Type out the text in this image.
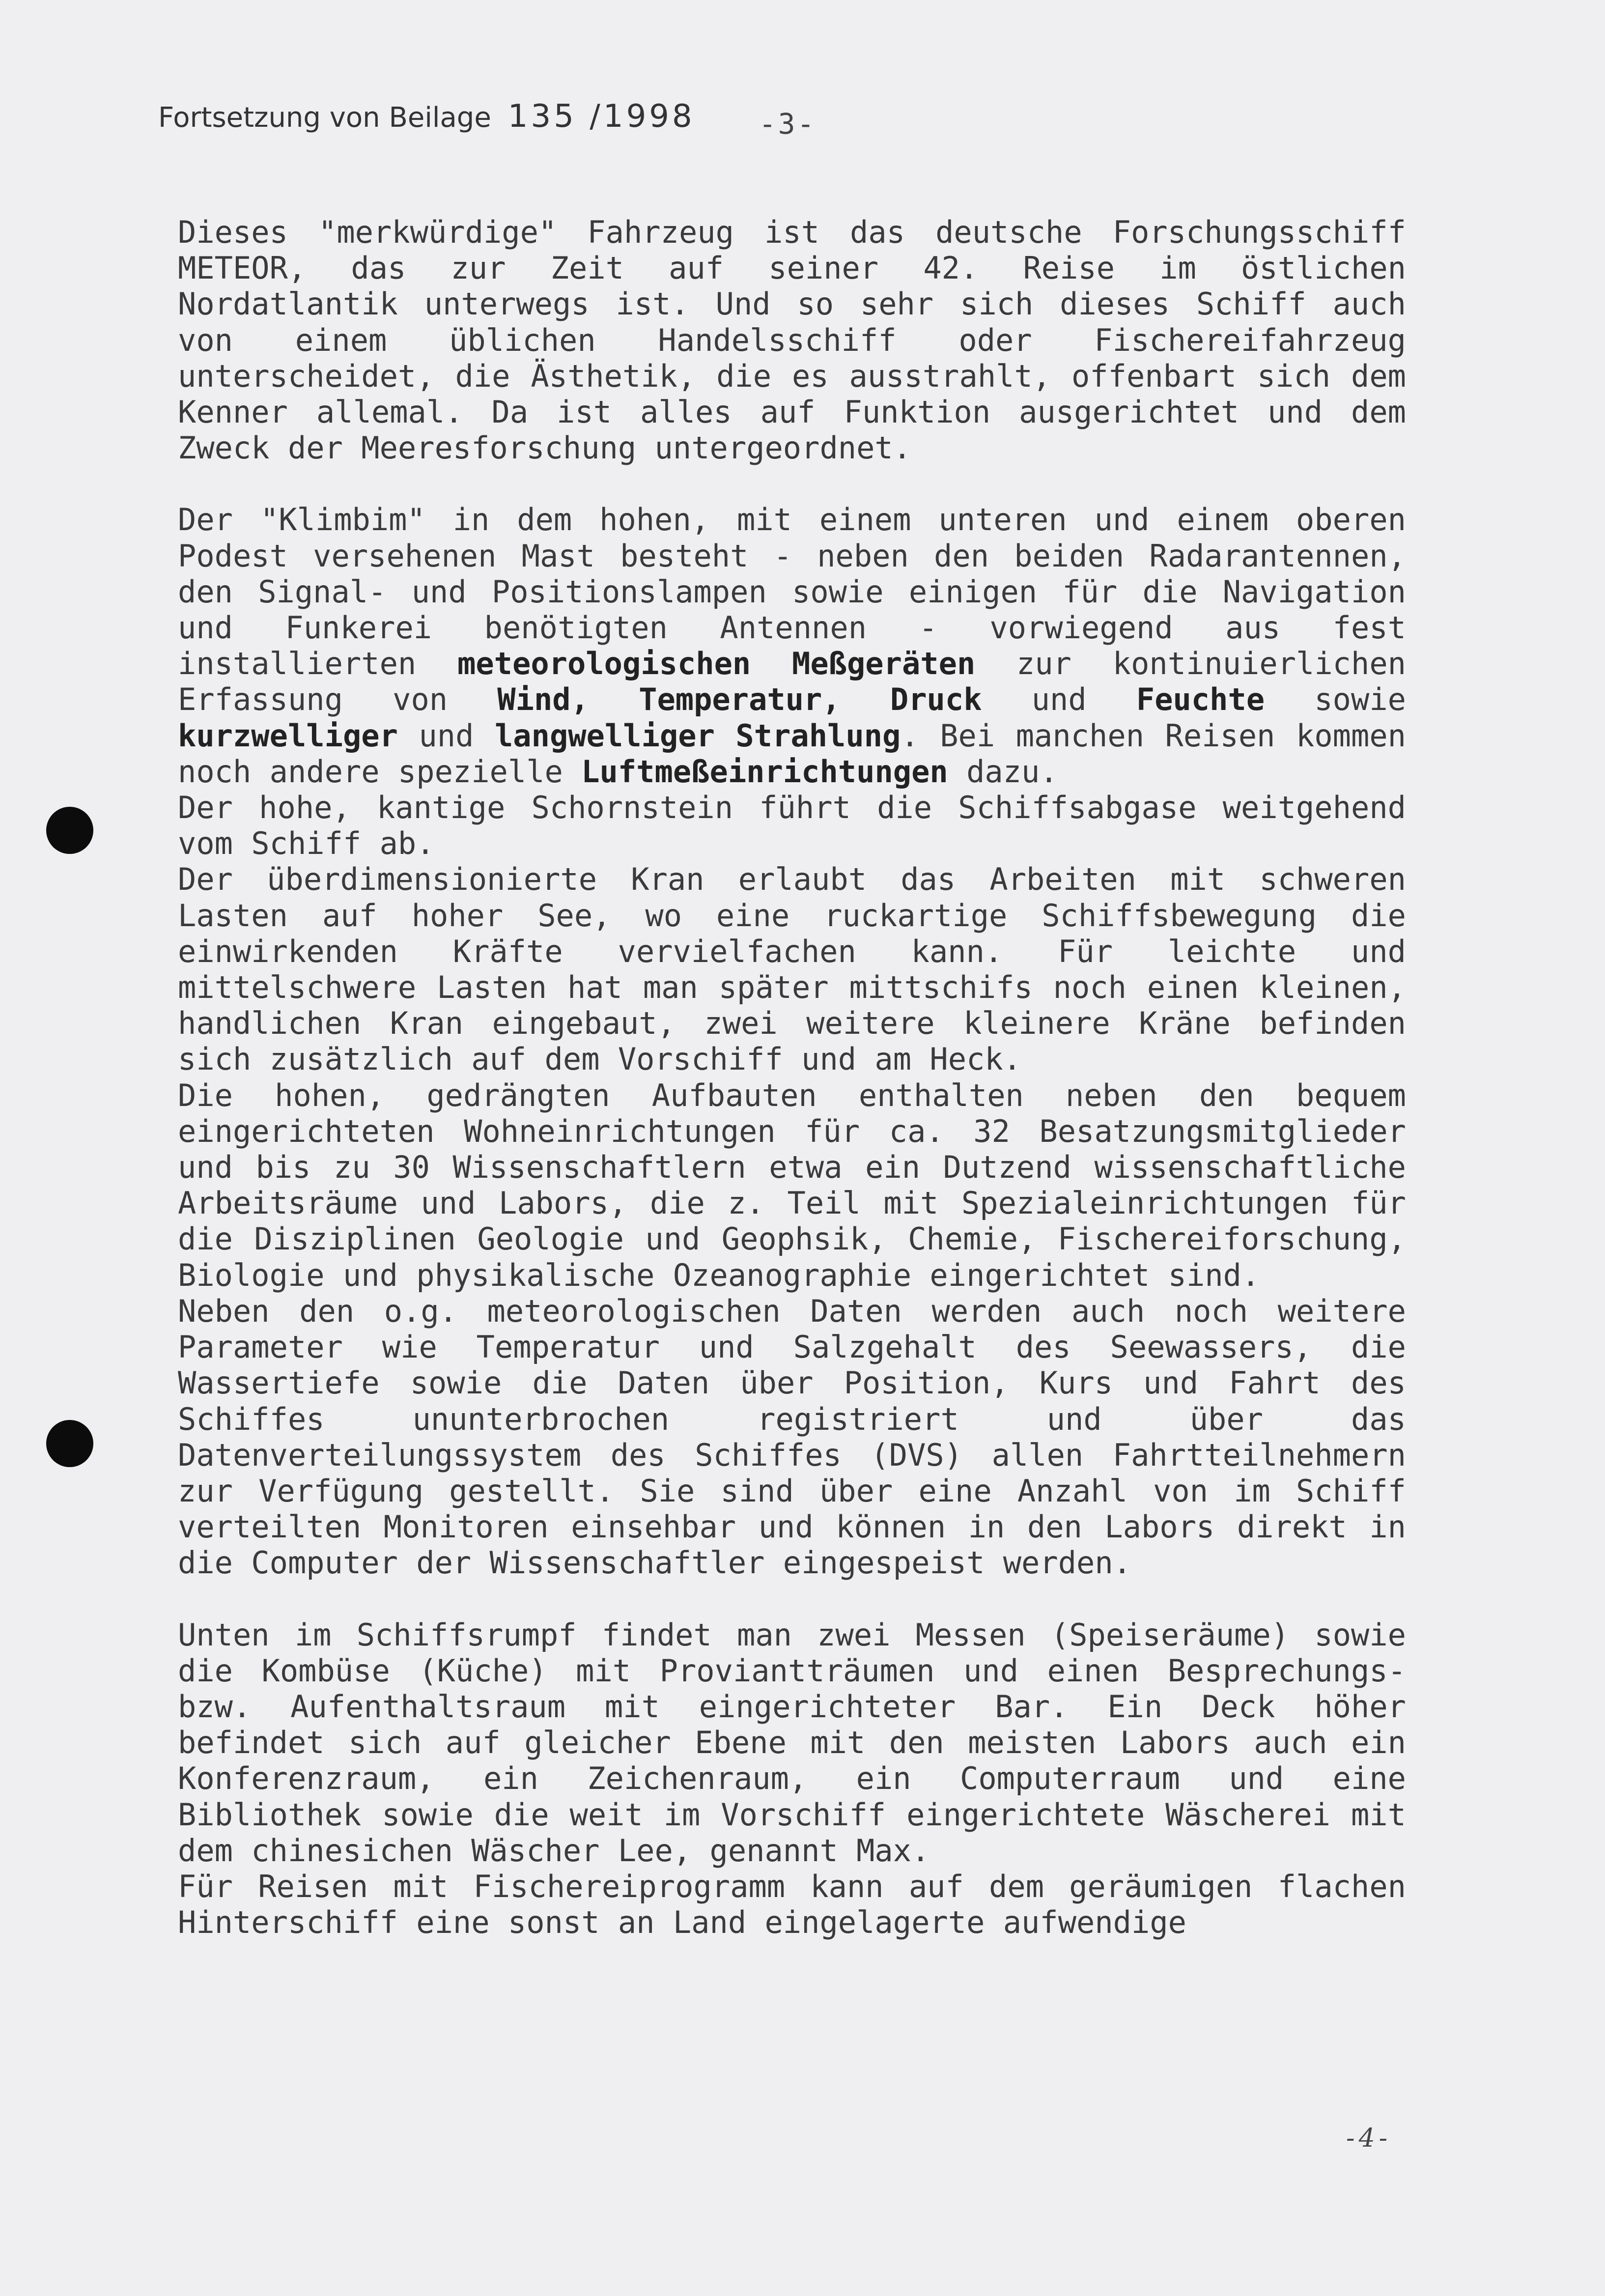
Fortsetzung von Beilage 135 /1998 -3-

Dieses "merkwürdige" Fahrzeug ist das deutsche Forschungsschiff METEOR, das zur Zeit auf seiner 42. Reise im östlichen Nordatlantik unterwegs ist. Und so sehr sich dieses Schiff auch von einem üblichen Handelsschiff oder Fischereifahrzeug unterscheidet, die Ästhetik, die es ausstrahlt, offenbart sich dem Kenner allemal. Da ist alles auf Funktion ausgerichtet und dem Zweck der Meeresforschung untergeordnet.

Der "Klimbim" in dem hohen, mit einem unteren und einem oberen Podest versehenen Mast besteht - neben den beiden Radarantennen, den Signal- und Positionslampen sowie einigen für die Navigation und Funkerei benötigten Antennen - vorwiegend aus fest installierten meteorologischen Meßgeräten zur kontinuierlichen Erfassung von Wind, Temperatur, Druck und Feuchte sowie kurzwelliger und langwelliger Strahlung. Bei manchen Reisen kommen noch andere spezielle Luftmeßeinrichtungen dazu.

Der hohe, kantige Schornstein führt die Schiffsabgase weitgehend vom Schiff ab.

Der überdimensionierte Kran erlaubt das Arbeiten mit schweren Lasten auf hoher See, wo eine ruckartige Schiffsbewegung die einwirkenden Kräfte vervielfachen kann. Für leichte und mittelschwere Lasten hat man später mittschifs noch einen kleinen, handlichen Kran eingebaut, zwei weitere kleinere Kräne befinden sich zusätzlich auf dem Vorschiff und am Heck.

Die hohen, gedrängten Aufbauten enthalten neben den bequem eingerichteten Wohneinrichtungen für ca. 32 Besatzungsmitglieder und bis zu 30 Wissenschaftlern etwa ein Dutzend wissenschaftliche Arbeitsräume und Labors, die z. Teil mit Spezialeinrichtungen für die Disziplinen Geologie und Geophsik, Chemie, Fischereiforschung, Biologie und physikalische Ozeanographie eingerichtet sind.

Neben den o.g. meteorologischen Daten werden auch noch weitere Parameter wie Temperatur und Salzgehalt des Seewassers, die Wassertiefe sowie die Daten über Position, Kurs und Fahrt des Schiffes ununterbrochen registriert und über das Datenverteilungssystem des Schiffes (DVS) allen Fahrtteilnehmern zur Verfügung gestellt. Sie sind über eine Anzahl von im Schiff verteilten Monitoren einsehbar und können in den Labors direkt in die Computer der Wissenschaftler eingespeist werden.

Unten im Schiffsrumpf findet man zwei Messen (Speiseräume) sowie die Kombüse (Küche) mit Proviantträumen und einen Besprechungs- bzw. Aufenthaltsraum mit eingerichteter Bar. Ein Deck höher befindet sich auf gleicher Ebene mit den meisten Labors auch ein Konferenzraum, ein Zeichenraum, ein Computerraum und eine Bibliothek sowie die weit im Vorschiff eingerichtete Wäscherei mit dem chinesichen Wäscher Lee, genannt Max.

Für Reisen mit Fischereiprogramm kann auf dem geräumigen flachen Hinterschiff eine sonst an Land eingelagerte aufwendige

-4-
